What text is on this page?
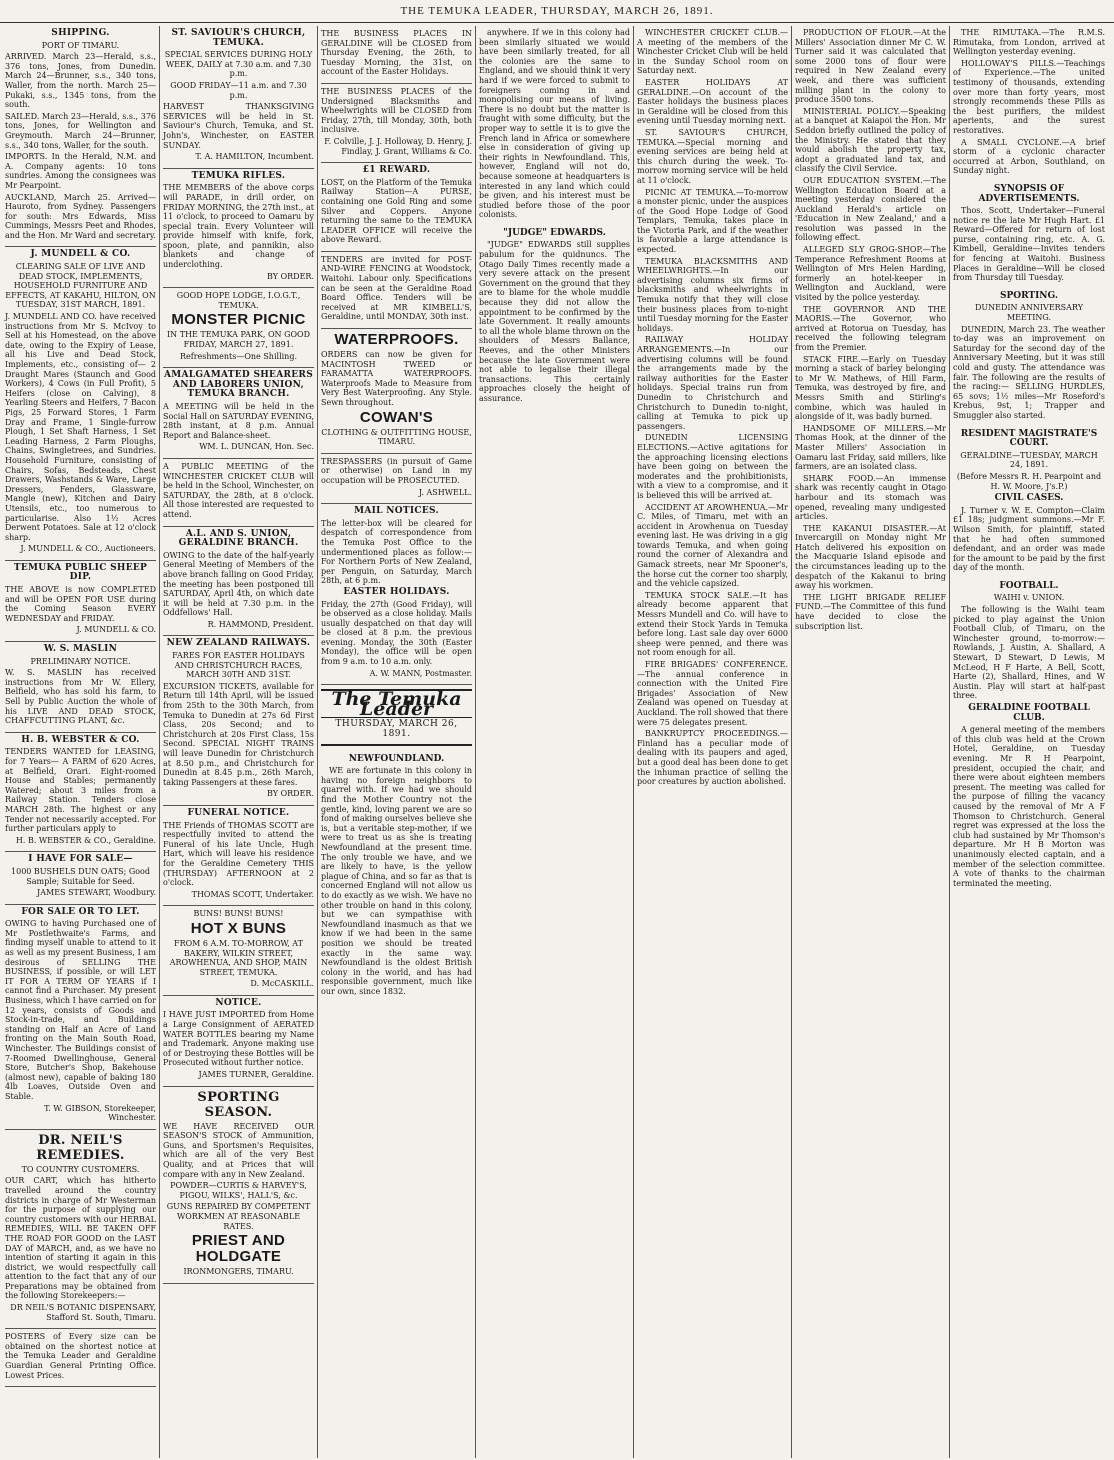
THE TEMUKA LEADER, THURSDAY, MARCH 26, 1891.
SHIPPING.

PORT OF TIMARU.

ARRIVED. March 23—Herald, s.s., 376 tons, Jones, from Dunedin. March 24—Brunner, s.s., 340 tons, Waller, from the north. March 25—Pukaki, s.s., 1345 tons, from the south.

SAILED. March 23—Herald, s.s., 376 tons, Jones, for Wellington and Greymouth. March 24—Brunner, s.s., 340 tons, Waller, for the south.

IMPORTS. In the Herald, N.M. and A. Company agents: 10 tons sundries. Among the consignees was Mr Pearpoint.

AUCKLAND, March 25. Arrived—Hauroto, from Sydney. Passengers for south: Mrs Edwards, Miss Cummings, Messrs Peet and Rhodes, and the Hon. Mr Ward and secretary.

J. MUNDELL & CO.

CLEARING SALE OF LIVE AND DEAD STOCK, IMPLEMENTS, HOUSEHOLD FURNITURE AND EFFECTS, AT KAKAHU, HILTON, ON TUESDAY, 31ST MARCH, 1891.

J. MUNDELL AND CO. have received instructions from Mr S. McIvoy to Sell at his Homestead, on the above date, owing to the Expiry of Lease, all his Live and Dead Stock, Implements, etc., consisting of— 2 Draught Mares (Staunch and Good Workers), 4 Cows (in Full Profit), 5 Heifers (close on Calving), 8 Yearling Steers and Heifers, 7 Bacon Pigs, 25 Forward Stores, 1 Farm Dray and Frame, 1 Single-furrow Plough, 1 Set Shaft Harness, 1 Set Leading Harness, 2 Farm Ploughs, Chains, Swingletrees, and Sundries. Household Furniture, consisting of Chairs, Sofas, Bedsteads, Chest Drawers, Washstands & Ware, Large Dressers, Fenders, Glassware, Mangle (new), Kitchen and Dairy Utensils, etc., too numerous to particularise. Also 1½ Acres Derwent Potatoes. Sale at 12 o'clock sharp.

J. MUNDELL & CO., Auctioneers.

TEMUKA PUBLIC SHEEP DIP.

THE ABOVE is now COMPLETED and will be OPEN FOR USE during the Coming Season EVERY WEDNESDAY and FRIDAY.

J. MUNDELL & CO.

W. S. MASLIN

PRELIMINARY NOTICE.

W. S. MASLIN has received instructions from Mr W. Ellery, Belfield, who has sold his farm, to Sell by Public Auction the whole of his LIVE AND DEAD STOCK, CHAFFCUTTING PLANT, &c.

H. B. WEBSTER & CO.

TENDERS WANTED for LEASING, for 7 Years— A FARM of 620 Acres, at Belfield, Orari. Eight-roomed House and Stables; permanently Watered; about 3 miles from a Railway Station. Tenders close MARCH 28th. The highest or any Tender not necessarily accepted. For further particulars apply to

H. B. WEBSTER & CO., Geraldine.

I HAVE FOR SALE—

1000 BUSHELS DUN OATS; Good Sample; Suitable for Seed.

JAMES STEWART, Woodbury.

FOR SALE OR TO LET.

OWING to having Purchased one of Mr Postlethwaite's Farms, and finding myself unable to attend to it as well as my present Business, I am desirous of SELLING THE BUSINESS, if possible, or will LET IT FOR A TERM OF YEARS if I cannot find a Purchaser. My present Business, which I have carried on for 12 years, consists of Goods and Stock-in-trade, and Buildings standing on Half an Acre of Land fronting on the Main South Road, Winchester. The Buildings consist of 7-Roomed Dwellinghouse, General Store, Butcher's Shop, Bakehouse (almost new), capable of baking 180 4lb Loaves, Outside Oven and Stable.

T. W. GIBSON, Storekeeper, Winchester.

DR. NEIL'S REMEDIES.

TO COUNTRY CUSTOMERS.

OUR CART, which has hitherto travelled around the country districts in charge of Mr Westerman for the purpose of supplying our country customers with our HERBAL REMEDIES, WILL BE TAKEN OFF THE ROAD FOR GOOD on the LAST DAY of MARCH, and, as we have no intention of starting it again in this district, we would respectfully call attention to the fact that any of our Preparations may be obtained from the following Storekeepers:—

DR NEIL'S BOTANIC DISPENSARY, Stafford St. South, Timaru.

POSTERS of Every size can be obtained on the shortest notice at the Temuka Leader and Geraldine Guardian General Printing Office. Lowest Prices.

ST. SAVIOUR'S CHURCH, TEMUKA.

SPECIAL SERVICES DURING HOLY WEEK, DAILY at 7.30 a.m. and 7.30 p.m.

GOOD FRIDAY—11 a.m. and 7.30 p.m.

HARVEST THANKSGIVING SERVICES will be held in St. Saviour's Church, Temuka, and St. John's, Winchester, on EASTER SUNDAY.

T. A. HAMILTON, Incumbent.

TEMUKA RIFLES.

THE MEMBERS of the above corps will PARADE, in drill order, on FRIDAY MORNING, the 27th inst., at 11 o'clock, to proceed to Oamaru by special train. Every Volunteer will provide himself with knife, fork, spoon, plate, and pannikin, also blankets and change of underclothing.

BY ORDER.

GOOD HOPE LODGE, I.O.G.T., TEMUKA.

MONSTER PICNIC

IN THE TEMUKA PARK, ON GOOD FRIDAY, MARCH 27, 1891.

Refreshments—One Shilling.

AMALGAMATED SHEARERS AND LABORERS UNION, TEMUKA BRANCH.

A MEETING will be held in the Social Hall on SATURDAY EVENING, 28th instant, at 8 p.m. Annual Report and Balance-sheet.

WM. L. DUNCAN, Hon. Sec.

A PUBLIC MEETING of the WINCHESTER CRICKET CLUB will be held in the School, Winchester, on SATURDAY, the 28th, at 8 o'clock. All those interested are requested to attend.

A.L. AND S. UNION, GERALDINE BRANCH.

OWING to the date of the half-yearly General Meeting of Members of the above branch falling on Good Friday, the meeting has been postponed till SATURDAY, April 4th, on which date it will be held at 7.30 p.m. in the Oddfellows' Hall.

R. HAMMOND, President.

NEW ZEALAND RAILWAYS.

FARES FOR EASTER HOLIDAYS AND CHRISTCHURCH RACES, MARCH 30TH AND 31ST.

EXCURSION TICKETS, available for Return till 14th April, will be issued from 25th to the 30th March, from Temuka to Dunedin at 27s 6d First Class, 20s Second; and to Christchurch at 20s First Class, 15s Second. SPECIAL NIGHT TRAINS will leave Dunedin for Christchurch at 8.50 p.m., and Christchurch for Dunedin at 8.45 p.m., 26th March, taking Passengers at these fares.

BY ORDER.

FUNERAL NOTICE.

THE Friends of THOMAS SCOTT are respectfully invited to attend the Funeral of his late Uncle, Hugh Hart, which will leave his residence for the Geraldine Cemetery THIS (THURSDAY) AFTERNOON at 2 o'clock.

THOMAS SCOTT, Undertaker.

BUNS! BUNS! BUNS!

HOT X BUNS

FROM 6 A.M. TO-MORROW, AT BAKERY, WILKIN STREET, AROWHENUA, AND SHOP, MAIN STREET, TEMUKA.

D. McCASKILL.

NOTICE.

I HAVE JUST IMPORTED from Home a Large Consignment of AERATED WATER BOTTLES bearing my Name and Trademark. Anyone making use of or Destroying these Bottles will be Prosecuted without further notice.

JAMES TURNER, Geraldine.

SPORTING SEASON.

WE HAVE RECEIVED OUR SEASON'S STOCK of Ammunition, Guns, and Sportsmen's Requisites, which are all of the very Best Quality, and at Prices that will compare with any in New Zealand.

POWDER—CURTIS & HARVEY'S, PIGOU, WILKS', HALL'S, &c.

GUNS REPAIRED BY COMPETENT WORKMEN AT REASONABLE RATES.

PRIEST AND HOLDGATE

IRONMONGERS, TIMARU.

THE BUSINESS PLACES IN GERALDINE will be CLOSED from Thursday Evening, the 26th, to Tuesday Morning, the 31st, on account of the Easter Holidays.

THE BUSINESS PLACES of the Undersigned Blacksmiths and Wheelwrights will be CLOSED from Friday, 27th, till Monday, 30th, both inclusive.

F. Colville, J. J. Holloway, D. Henry, J. Findlay, J. Grant, Williams & Co.

£1 REWARD.

LOST, on the Platform of the Temuka Railway Station—A PURSE, containing one Gold Ring and some Silver and Coppers. Anyone returning the same to the TEMUKA LEADER OFFICE will receive the above Reward.

TENDERS are invited for POST-AND-WIRE FENCING at Woodstock, Waitohi. Labour only. Specifications can be seen at the Geraldine Road Board Office. Tenders will be received at MR KIMBELL'S, Geraldine, until MONDAY, 30th inst.

WATERPROOFS.

ORDERS can now be given for MACINTOSH TWEED or FARAMATTA WATERPROOFS. Waterproofs Made to Measure from Very Best Waterproofing. Any Style. Sewn throughout.

COWAN'S

CLOTHING & OUTFITTING HOUSE, TIMARU.

TRESPASSERS (in pursuit of Game or otherwise) on Land in my occupation will be PROSECUTED.

J. ASHWELL.

MAIL NOTICES.

The letter-box will be cleared for despatch of correspondence from the Temuka Post Office to the undermentioned places as follow:— For Northern Ports of New Zealand, per Penguin, on Saturday, March 28th, at 6 p.m.

EASTER HOLIDAYS.

Friday, the 27th (Good Friday), will be observed as a close holiday. Mails usually despatched on that day will be closed at 8 p.m. the previous evening. Monday, the 30th (Easter Monday), the office will be open from 9 a.m. to 10 a.m. only.

A. W. MANN, Postmaster.

The Temuka Leader
THURSDAY, MARCH 26, 1891.
NEWFOUNDLAND.

WE are fortunate in this colony in having no foreign neighbors to quarrel with. If we had we should find the Mother Country not the gentle, kind, loving parent we are so fond of making ourselves believe she is, but a veritable step-mother, if we were to treat us as she is treating Newfoundland at the present time. The only trouble we have, and we are likely to have, is the yellow plague of China, and so far as that is concerned England will not allow us to do exactly as we wish. We have no other trouble on hand in this colony, but we can sympathise with Newfoundland inasmuch as that we know if we had been in the same position we should be treated exactly in the same way. Newfoundland is the oldest British colony in the world, and has had responsible government, much like our own, since 1832.

anywhere. If we in this colony had been similarly situated we would have been similarly treated, for all the colonies are the same to England, and we should think it very hard if we were forced to submit to foreigners coming in and monopolising our means of living. There is no doubt but the matter is fraught with some difficulty, but the proper way to settle it is to give the French land in Africa or somewhere else in consideration of giving up their rights in Newfoundland. This, however, England will not do, because someone at headquarters is interested in any land which could be given, and his interest must be studied before those of the poor colonists.

"JUDGE" EDWARDS.

"JUDGE" EDWARDS still supplies pabulum for the quidnuncs. The Otago Daily Times recently made a very severe attack on the present Government on the ground that they are to blame for the whole muddle because they did not allow the appointment to be confirmed by the late Government. It really amounts to all the whole blame thrown on the shoulders of Messrs Ballance, Reeves, and the other Ministers because the late Government were not able to legalise their illegal transactions. This certainly approaches closely the height of assurance.

WINCHESTER CRICKET CLUB.—A meeting of the members of the Winchester Cricket Club will be held in the Sunday School room on Saturday next.

EASTER HOLIDAYS AT GERALDINE.—On account of the Easter holidays the business places in Geraldine will be closed from this evening until Tuesday morning next.

ST. SAVIOUR'S CHURCH, TEMUKA.—Special morning and evening services are being held at this church during the week. To-morrow morning service will be held at 11 o'clock.

PICNIC AT TEMUKA.—To-morrow a monster picnic, under the auspices of the Good Hope Lodge of Good Templars, Temuka, takes place in the Victoria Park, and if the weather is favorable a large attendance is expected.

TEMUKA BLACKSMITHS AND WHEELWRIGHTS.—In our advertising columns six firms of blacksmiths and wheelwrights in Temuka notify that they will close their business places from to-night until Tuesday morning for the Easter holidays.

RAILWAY HOLIDAY ARRANGEMENTS.—In our advertising columns will be found the arrangements made by the railway authorities for the Easter holidays. Special trains run from Dunedin to Christchurch and Christchurch to Dunedin to-night, calling at Temuka to pick up passengers.

DUNEDIN LICENSING ELECTIONS.—Active agitations for the approaching licensing elections have been going on between the moderates and the prohibitionists, with a view to a compromise, and it is believed this will be arrived at.

ACCIDENT AT AROWHENUA.—Mr C. Miles, of Timaru, met with an accident in Arowhenua on Tuesday evening last. He was driving in a gig towards Temuka, and when going round the corner of Alexandra and Gamack streets, near Mr Spooner's, the horse cut the corner too sharply, and the vehicle capsized.

TEMUKA STOCK SALE.—It has already become apparent that Messrs Mundell and Co. will have to extend their Stock Yards in Temuka before long. Last sale day over 6000 sheep were penned, and there was not room enough for all.

FIRE BRIGADES' CONFERENCE.—The annual conference in connection with the United Fire Brigades' Association of New Zealand was opened on Tuesday at Auckland. The roll showed that there were 75 delegates present.

BANKRUPTCY PROCEEDINGS.—Finland has a peculiar mode of dealing with its paupers and aged, but a good deal has been done to get the inhuman practice of selling the poor creatures by auction abolished.

PRODUCTION OF FLOUR.—At the Millers' Association dinner Mr C. W. Turner said it was calculated that some 2000 tons of flour were required in New Zealand every week, and there was sufficient milling plant in the colony to produce 3500 tons.

MINISTERIAL POLICY.—Speaking at a banquet at Kaiapoi the Hon. Mr Seddon briefly outlined the policy of the Ministry. He stated that they would abolish the property tax, adopt a graduated land tax, and classify the Civil Service.

OUR EDUCATION SYSTEM.—The Wellington Education Board at a meeting yesterday considered the Auckland Herald's article on 'Education in New Zealand,' and a resolution was passed in the following effect.

ALLEGED SLY GROG-SHOP.—The Temperance Refreshment Rooms at Wellington of Mrs Helen Harding, formerly an hotel-keeper in Wellington and Auckland, were visited by the police yesterday.

THE GOVERNOR AND THE MAORIS.—The Governor, who arrived at Rotorua on Tuesday, has received the following telegram from the Premier.

STACK FIRE.—Early on Tuesday morning a stack of barley belonging to Mr W. Mathews, of Hill Farm, Temuka, was destroyed by fire, and Messrs Smith and Stirling's combine, which was hauled in alongside of it, was badly burned.

HANDSOME OF MILLERS.—Mr Thomas Hook, at the dinner of the Master Millers' Association in Oamaru last Friday, said millers, like farmers, are an isolated class.

SHARK FOOD.—An immense shark was recently caught in Otago harbour and its stomach was opened, revealing many undigested articles.

THE KAKANUI DISASTER.—At Invercargill on Monday night Mr Hatch delivered his exposition on the Macquarie Island episode and the circumstances leading up to the despatch of the Kakanui to bring away his workmen.

THE LIGHT BRIGADE RELIEF FUND.—The Committee of this fund have decided to close the subscription list.

THE RIMUTAKA.—The R.M.S. Rimutaka, from London, arrived at Wellington yesterday evening.

HOLLOWAY'S PILLS.—Teachings of Experience.—The united testimony of thousands, extending over more than forty years, most strongly recommends these Pills as the best purifiers, the mildest aperients, and the surest restoratives.

A SMALL CYCLONE.—A brief storm of a cyclonic character occurred at Arbon, Southland, on Sunday night.

SYNOPSIS OF ADVERTISEMENTS.

Thos. Scott, Undertaker—Funeral notice re the late Mr Hugh Hart. £1 Reward—Offered for return of lost purse, containing ring, etc. A. G. Kimbell, Geraldine—Invites tenders for fencing at Waitohi. Business Places in Geraldine—Will be closed from Thursday till Tuesday.

SPORTING.

DUNEDIN ANNIVERSARY MEETING.

DUNEDIN, March 23. The weather to-day was an improvement on Saturday for the second day of the Anniversary Meeting, but it was still cold and gusty. The attendance was fair. The following are the results of the racing:— SELLING HURDLES, 65 sovs; 1½ miles—Mr Roseford's Krebus, 9st, 1; Trapper and Smuggler also started.

RESIDENT MAGISTRATE'S COURT.

GERALDINE—TUESDAY, MARCH 24, 1891.

(Before Messrs R. H. Pearpoint and H. W. Moore, J's.P.)

CIVIL CASES.

J. Turner v. W. E. Compton—Claim £1 18s; judgment summons.—Mr F. Wilson Smith, for plaintiff, stated that he had often summoned defendant, and an order was made for the amount to be paid by the first day of the month.

FOOTBALL.

WAIHI v. UNION.

The following is the Waihi team picked to play against the Union Football Club, of Timaru, on the Winchester ground, to-morrow:—Rowlands, J. Austin, A. Shallard, A Stewart, D Stewart, D Lewis, M McLeod, H F Harte, A Bell, Scott, Harte (2), Shallard, Hines, and W Austin. Play will start at half-past three.

GERALDINE FOOTBALL CLUB.

A general meeting of the members of this club was held at the Crown Hotel, Geraldine, on Tuesday evening. Mr R H Pearpoint, president, occupied the chair, and there were about eighteen members present. The meeting was called for the purpose of filling the vacancy caused by the removal of Mr A F Thomson to Christchurch. General regret was expressed at the loss the club had sustained by Mr Thomson's departure. Mr H B Morton was unanimously elected captain, and a member of the selection committee. A vote of thanks to the chairman terminated the meeting.
